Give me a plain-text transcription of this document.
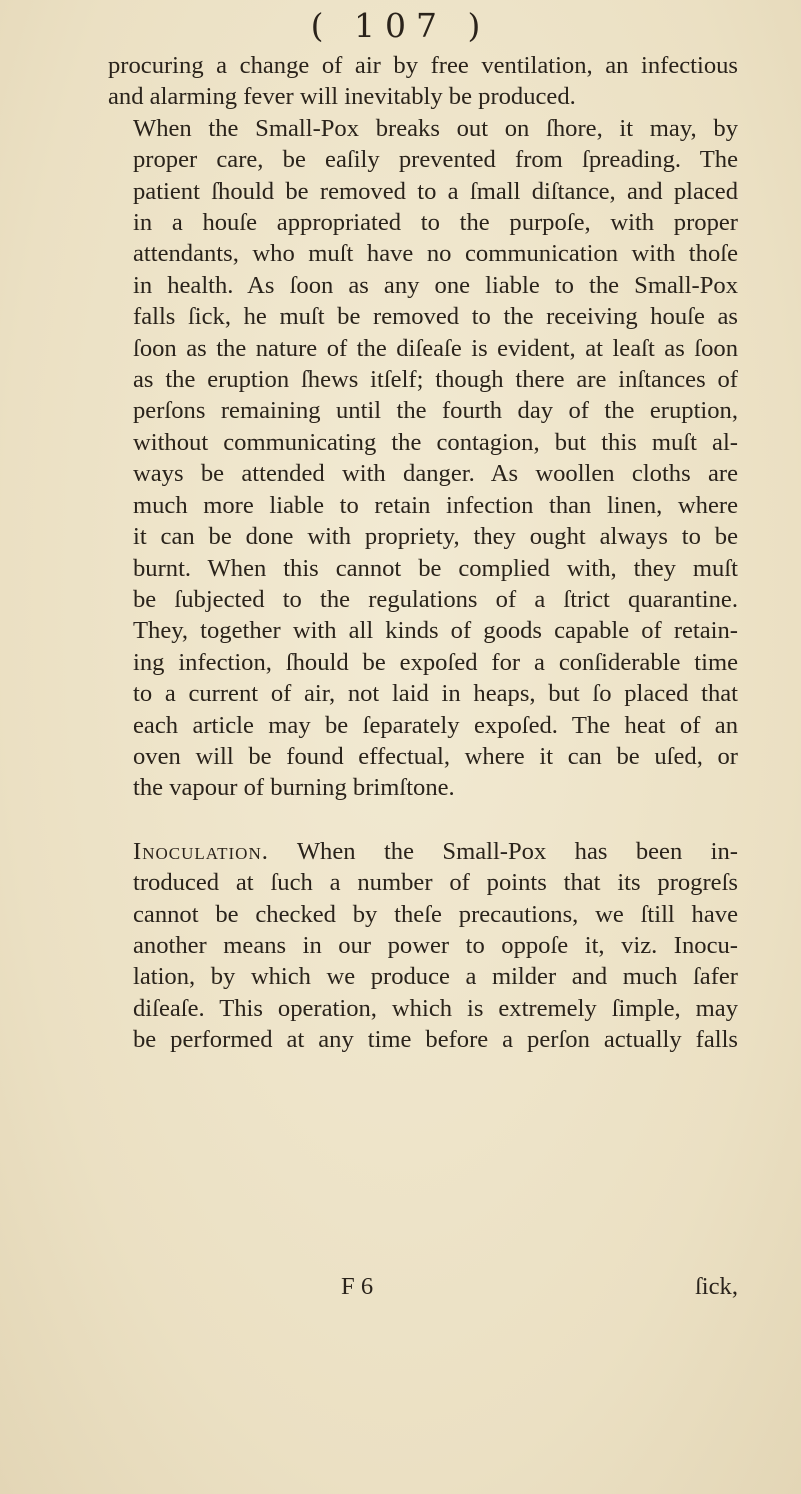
( 107 )

procuring a change of air by free ventilation, an infectious
and alarming fever will inevitably be produced.

When the Small-Pox breaks out on ſhore, it may, by
proper care, be eaſily prevented from ſpreading. The
patient ſhould be removed to a ſmall diſtance, and placed
in a houſe appropriated to the purpoſe, with proper
attendants, who muſt have no communication with thoſe
in health. As ſoon as any one liable to the Small-Pox
falls ſick, he muſt be removed to the receiving houſe as
ſoon as the nature of the diſeaſe is evident, at leaſt as ſoon
as the eruption ſhews itſelf; though there are inſtances of
perſons remaining until the fourth day of the eruption,
without communicating the contagion, but this muſt al-
ways be attended with danger. As woollen cloths are
much more liable to retain infection than linen, where
it can be done with propriety, they ought always to be
burnt. When this cannot be complied with, they muſt
be ſubjected to the regulations of a ſtrict quarantine.
They, together with all kinds of goods capable of retain-
ing infection, ſhould be expoſed for a conſiderable time
to a current of air, not laid in heaps, but ſo placed that
each article may be ſeparately expoſed. The heat of an
oven will be found effectual, where it can be uſed, or
the vapour of burning brimſtone.

Inoculation. When the Small-Pox has been in-
troduced at ſuch a number of points that its progreſs
cannot be checked by theſe precautions, we ſtill have
another means in our power to oppoſe it, viz. Inocu-
lation, by which we produce a milder and much ſafer
diſeaſe. This operation, which is extremely ſimple, may
be performed at any time before a perſon actually falls

F 6	ſick,
